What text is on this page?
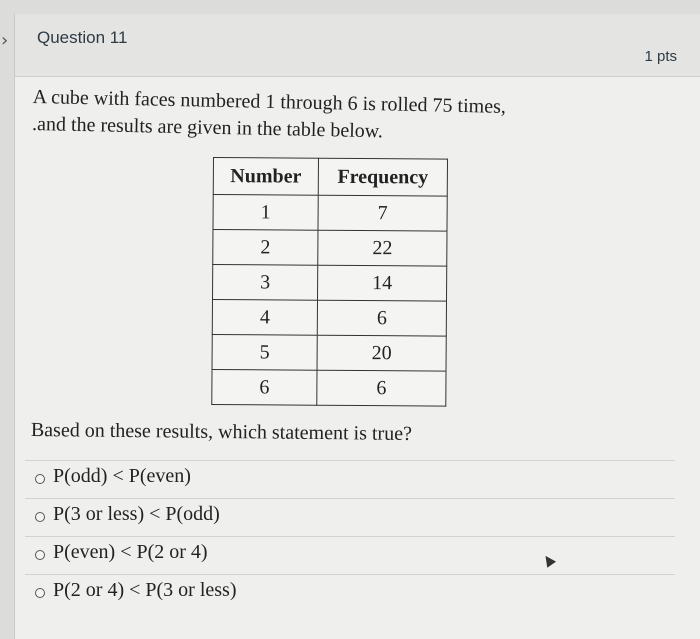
›	Question 11
1 pts
A cube with faces numbered 1 through 6 is rolled 75 times,
.and the results are given in the table below.
Number	Frequency
1	7
2	22
3	14
4	6
5	20
6	6
Based on these results, which statement is true?
P(odd) < P(even)
P(3 or less) < P(odd)
P(even) < P(2 or 4)
P(2 or 4) < P(3 or less)
▲
